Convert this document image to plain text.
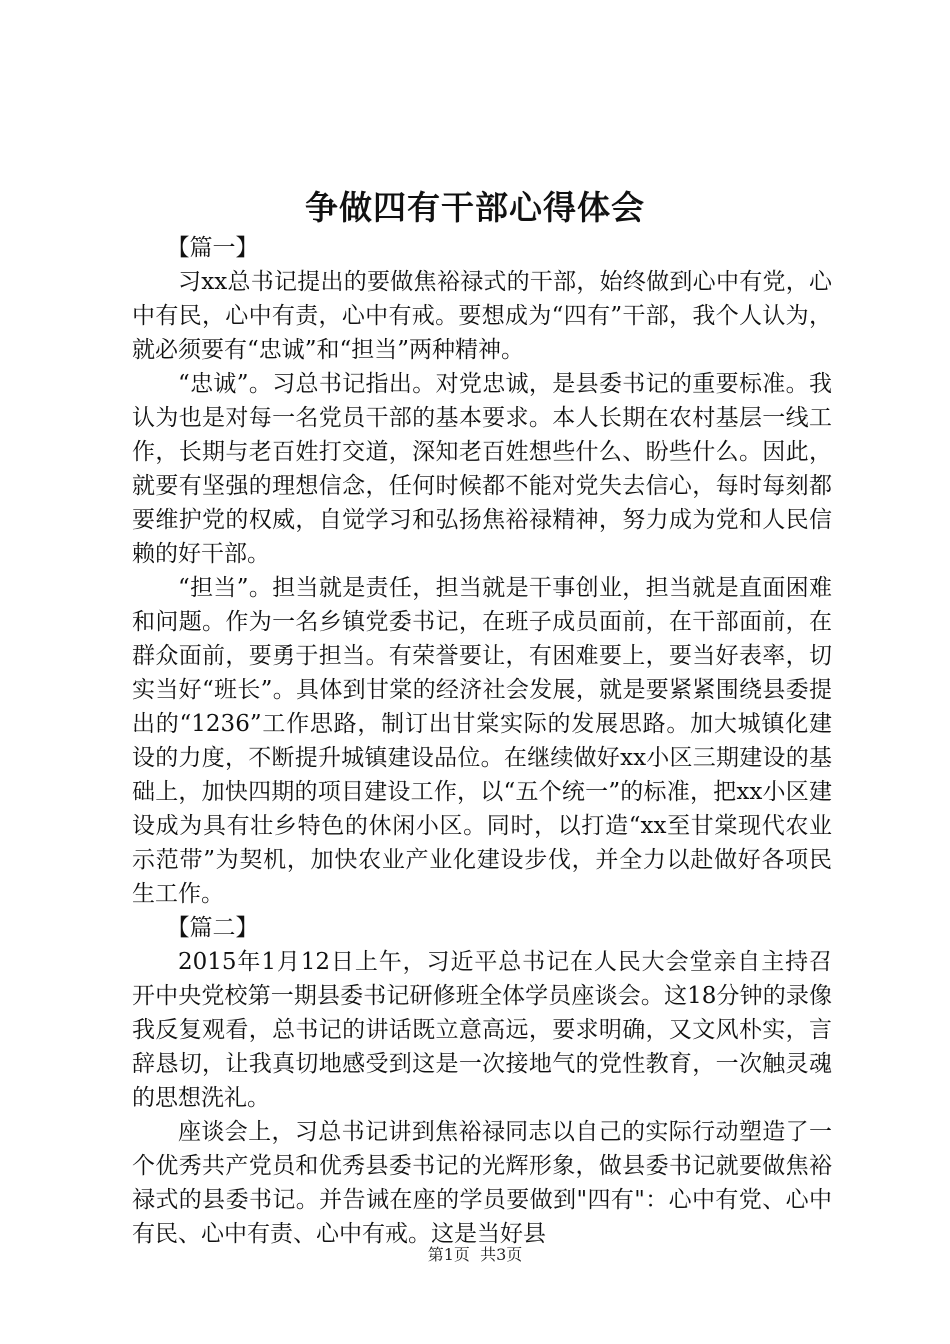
争做四有干部心得体会

【篇一】

习xx总书记提出的要做焦裕禄式的干部，始终做到心中有党，心中有民，心中有责，心中有戒。要想成为“四有”干部，我个人认为，就必须要有“忠诚”和“担当”两种精神。

“忠诚”。习总书记指出。对党忠诚，是县委书记的重要标准。我认为也是对每一名党员干部的基本要求。本人长期在农村基层一线工作，长期与老百姓打交道，深知老百姓想些什么、盼些什么。因此，就要有坚强的理想信念，任何时候都不能对党失去信心，每时每刻都要维护党的权威，自觉学习和弘扬焦裕禄精神，努力成为党和人民信赖的好干部。

“担当”。担当就是责任，担当就是干事创业，担当就是直面困难和问题。作为一名乡镇党委书记，在班子成员面前，在干部面前，在群众面前，要勇于担当。有荣誉要让，有困难要上，要当好表率，切实当好“班长”。具体到甘棠的经济社会发展，就是要紧紧围绕县委提出的“1236”工作思路，制订出甘棠实际的发展思路。加大城镇化建设的力度，不断提升城镇建设品位。在继续做好xx小区三期建设的基础上，加快四期的项目建设工作，以“五个统一”的标准，把xx小区建设成为具有壮乡特色的休闲小区。同时，以打造“xx至甘棠现代农业示范带”为契机，加快农业产业化建设步伐，并全力以赴做好各项民生工作。

【篇二】

2015年1月12日上午，习近平总书记在人民大会堂亲自主持召开中央党校第一期县委书记研修班全体学员座谈会。这18分钟的录像我反复观看，总书记的讲话既立意高远，要求明确，又文风朴实，言辞恳切，让我真切地感受到这是一次接地气的党性教育，一次触灵魂的思想洗礼。

座谈会上，习总书记讲到焦裕禄同志以自己的实际行动塑造了一个优秀共产党员和优秀县委书记的光辉形象，做县委书记就要做焦裕禄式的县委书记。并告诫在座的学员要做到"四有"：心中有党、心中有民、心中有责、心中有戒。这是当好县

第1页 共3页
